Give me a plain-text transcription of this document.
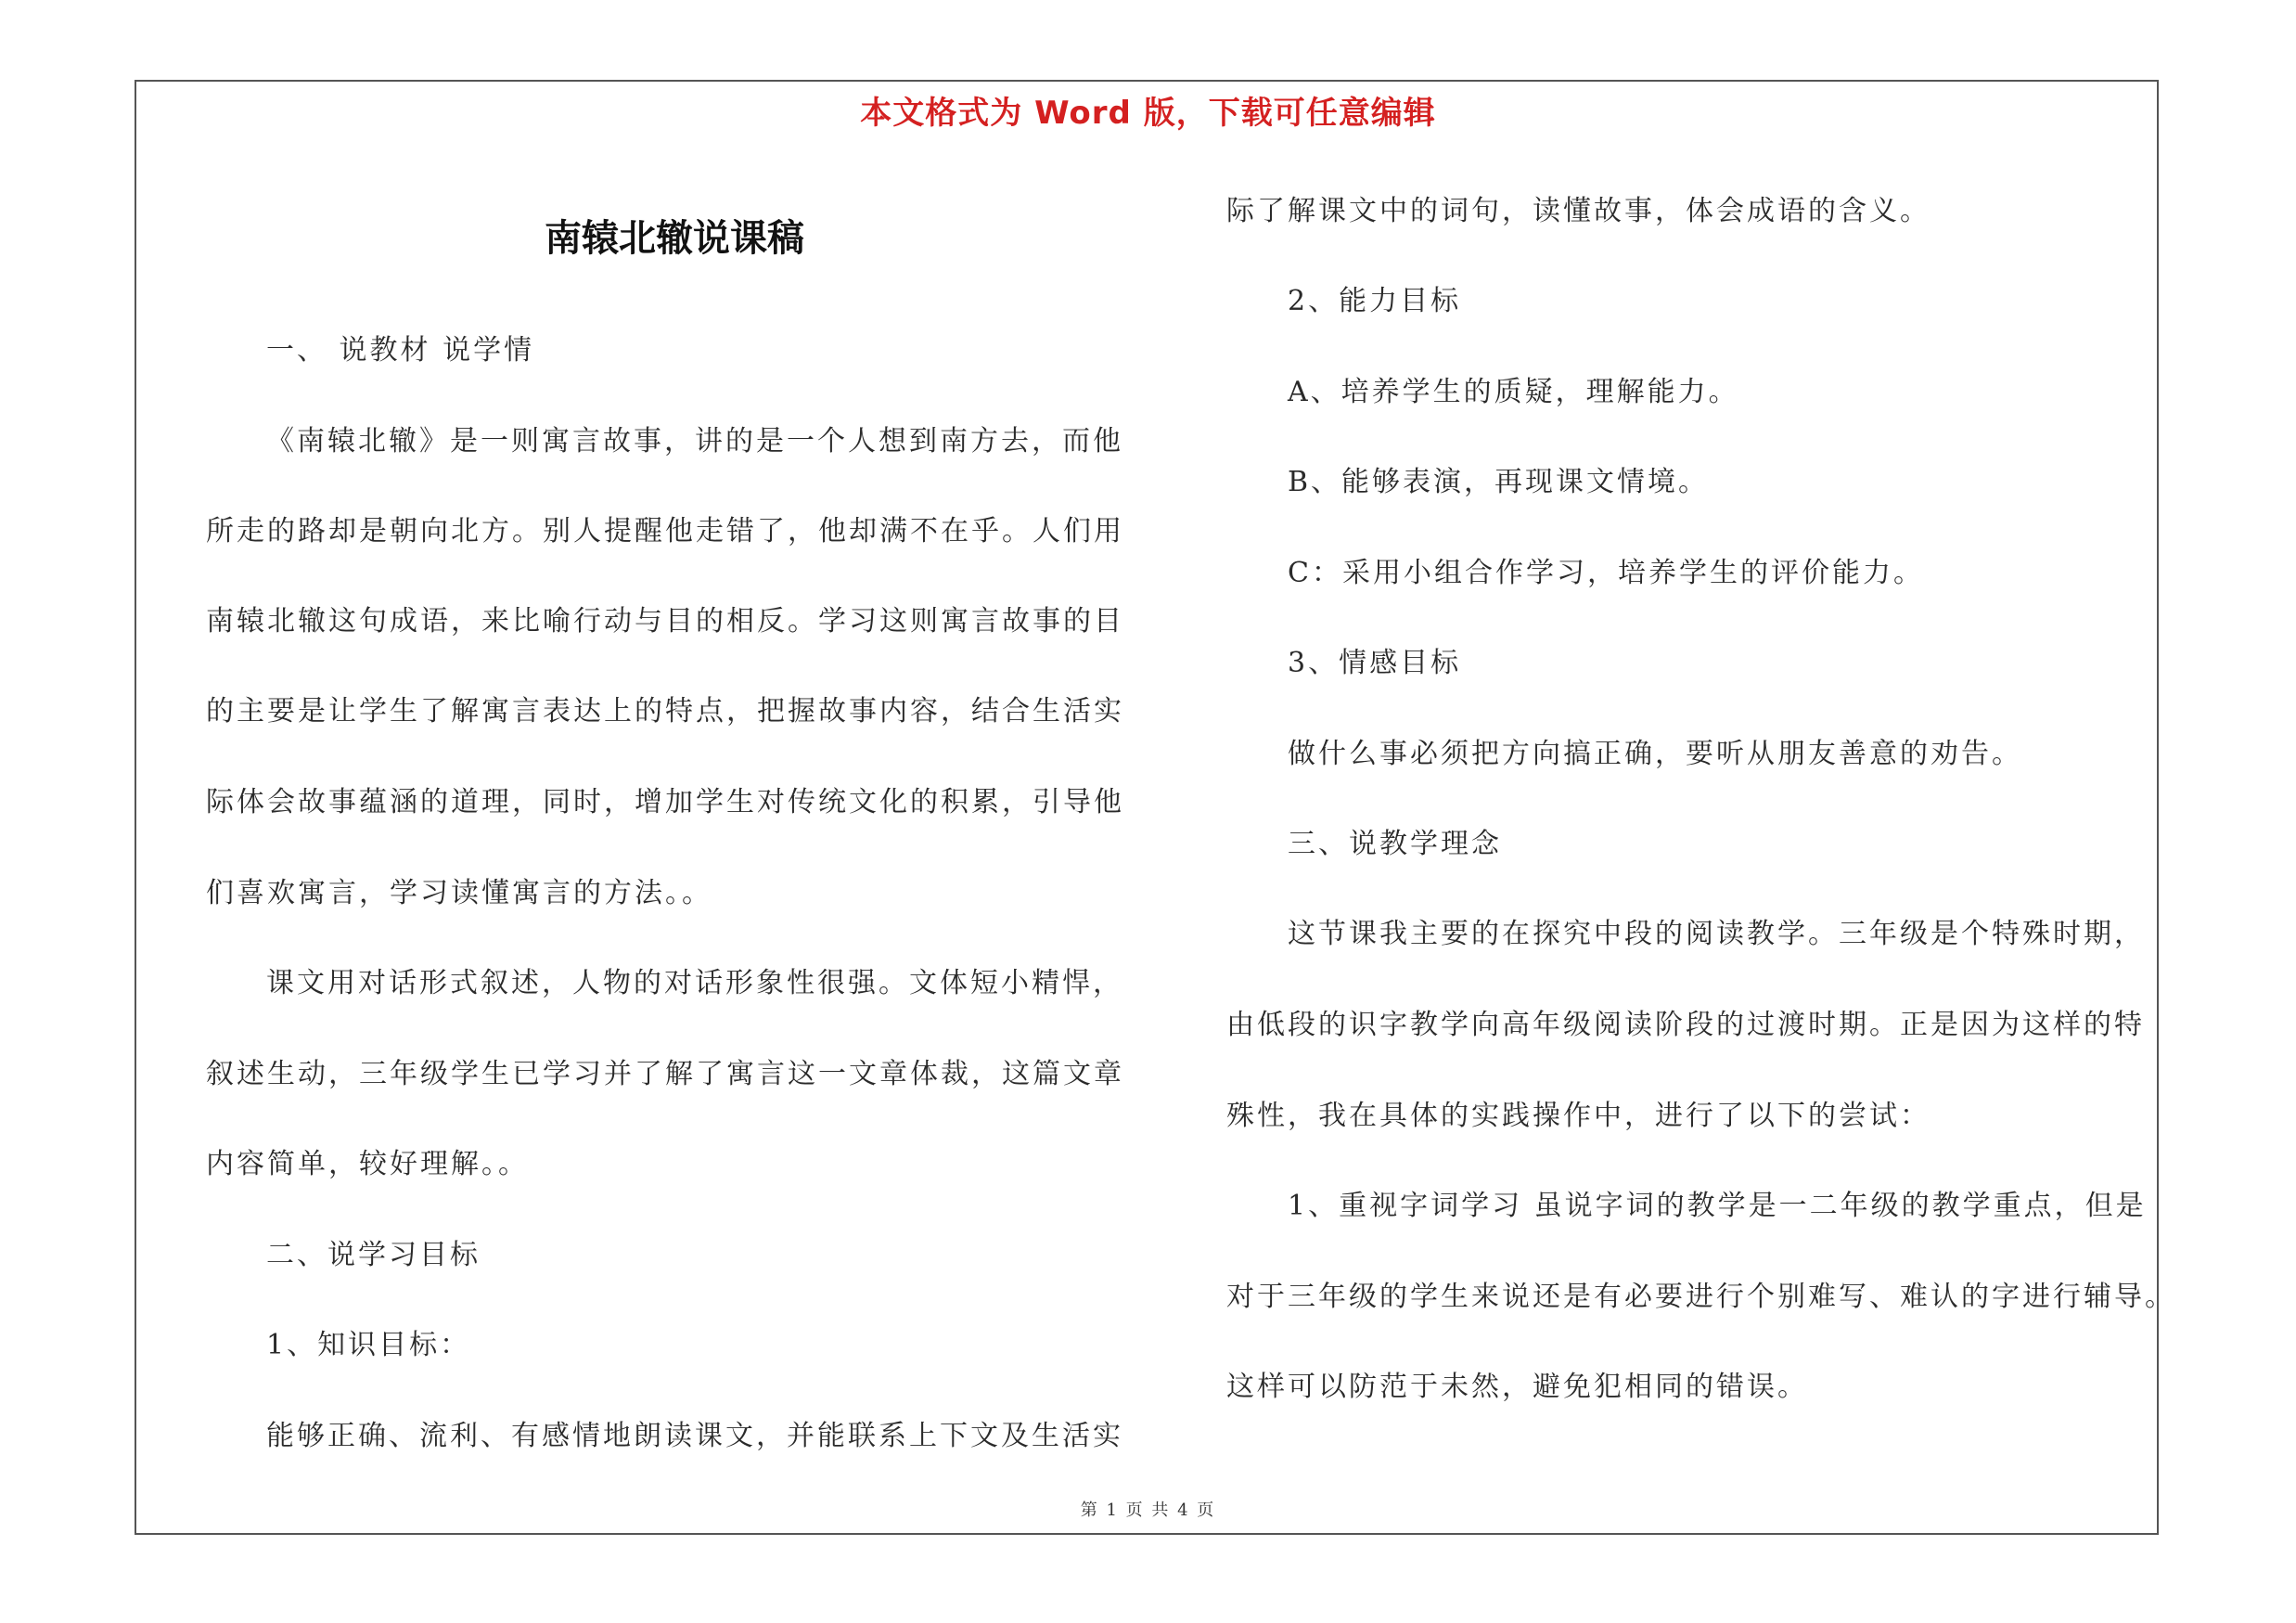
本文格式为 Word 版，下载可任意编辑
南辕北辙说课稿
一、 说教材 说学情
《南辕北辙》是一则寓言故事，讲的是一个人想到南方去，而他
所走的路却是朝向北方。别人提醒他走错了，他却满不在乎。人们用
南辕北辙这句成语，来比喻行动与目的相反。学习这则寓言故事的目
的主要是让学生了解寓言表达上的特点，把握故事内容，结合生活实
际体会故事蕴涵的道理，同时，增加学生对传统文化的积累，引导他
们喜欢寓言，学习读懂寓言的方法。。
课文用对话形式叙述，人物的对话形象性很强。文体短小精悍，
叙述生动，三年级学生已学习并了解了寓言这一文章体裁，这篇文章
内容简单，较好理解。。
二、说学习目标
1、知识目标：
能够正确、流利、有感情地朗读课文，并能联系上下文及生活实
际了解课文中的词句，读懂故事，体会成语的含义。
2、能力目标
A、培养学生的质疑，理解能力。
B、能够表演，再现课文情境。
C：采用小组合作学习，培养学生的评价能力。
3、情感目标
做什么事必须把方向搞正确，要听从朋友善意的劝告。
三、说教学理念
这节课我主要的在探究中段的阅读教学。三年级是个特殊时期，
由低段的识字教学向高年级阅读阶段的过渡时期。正是因为这样的特
殊性，我在具体的实践操作中，进行了以下的尝试：
1、重视字词学习 虽说字词的教学是一二年级的教学重点，但是
对于三年级的学生来说还是有必要进行个别难写、难认的字进行辅导。
这样可以防范于未然，避免犯相同的错误。
第 1 页 共 4 页
